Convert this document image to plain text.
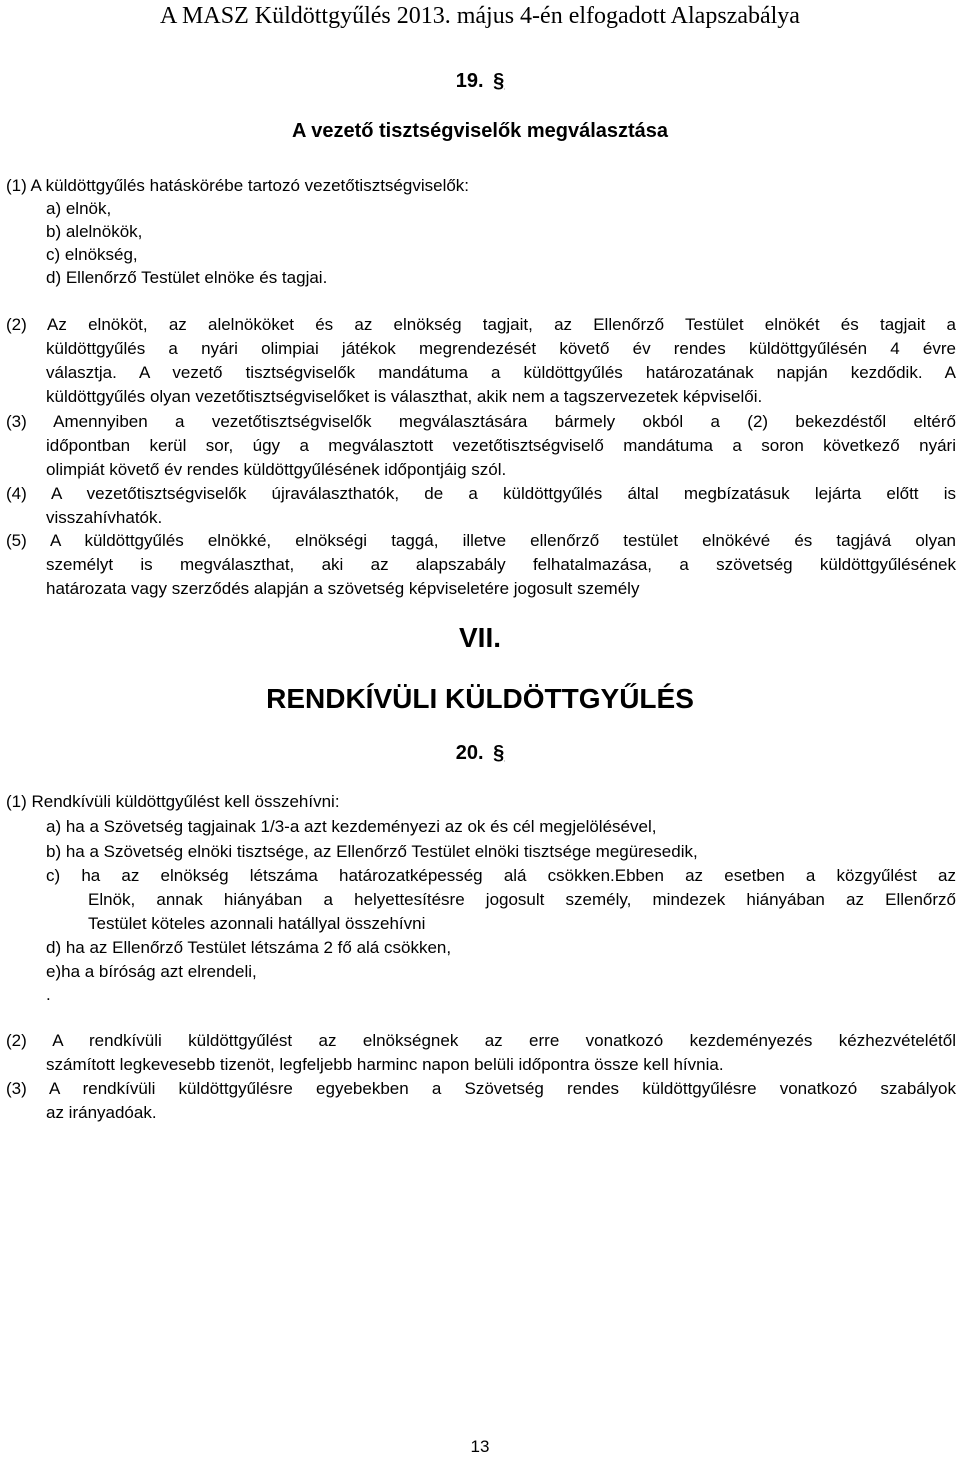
A MASZ Küldöttgyűlés 2013. május 4-én elfogadott Alapszabálya
19. §
A vezető tisztségviselők megválasztása
(1) A küldöttgyűlés hatáskörébe tartozó vezetőtisztségviselők:
a) elnök,
b) alelnökök,
c) elnökség,
d) Ellenőrző Testület elnöke és tagjai.
(2) Az elnököt, az alelnököket és az elnökség tagjait, az Ellenőrző Testület elnökét és tagjait a
küldöttgyűlés a nyári olimpiai játékok megrendezését követő év rendes küldöttgyűlésén 4 évre
választja. A vezető tisztségviselők mandátuma a küldöttgyűlés határozatának napján kezdődik. A
küldöttgyűlés olyan vezetőtisztségviselőket is választhat, akik nem a tagszervezetek képviselői.
(3) Amennyiben a vezetőtisztségviselők megválasztására bármely okból a (2) bekezdéstől eltérő
időpontban kerül sor, úgy a megválasztott vezetőtisztségviselő mandátuma a soron következő nyári
olimpiát követő év rendes küldöttgyűlésének időpontjáig szól.
(4) A vezetőtisztségviselők újraválaszthatók, de a küldöttgyűlés által megbízatásuk lejárta előtt is
visszahívhatók.
(5) A küldöttgyűlés elnökké, elnökségi taggá, illetve ellenőrző testület elnökévé és tagjává olyan
személyt is megválaszthat, aki az alapszabály felhatalmazása, a szövetség küldöttgyűlésének
határozata vagy szerződés alapján a szövetség képviseletére jogosult személy
VII.
RENDKÍVÜLI KÜLDÖTTGYŰLÉS
20. §
(1) Rendkívüli küldöttgyűlést kell összehívni:
a) ha a Szövetség tagjainak 1/3-a azt kezdeményezi az ok és cél megjelölésével,
b) ha a Szövetség elnöki tisztsége, az Ellenőrző Testület elnöki tisztsége megüresedik,
c) ha az elnökség létszáma határozatképesség alá csökken.Ebben az esetben a közgyűlést az
Elnök, annak hiányában a helyettesítésre jogosult személy, mindezek hiányában az Ellenőrző
Testület köteles azonnali hatállyal összehívni
d) ha az Ellenőrző Testület létszáma 2 fő alá csökken,
e)ha a bíróság azt elrendeli,
.
(2) A rendkívüli küldöttgyűlést az elnökségnek az erre vonatkozó kezdeményezés kézhezvételétől
számított legkevesebb tizenöt, legfeljebb harminc napon belüli időpontra össze kell hívnia.
(3) A rendkívüli küldöttgyűlésre egyebekben a Szövetség rendes küldöttgyűlésre vonatkozó szabályok
az irányadóak.
13
